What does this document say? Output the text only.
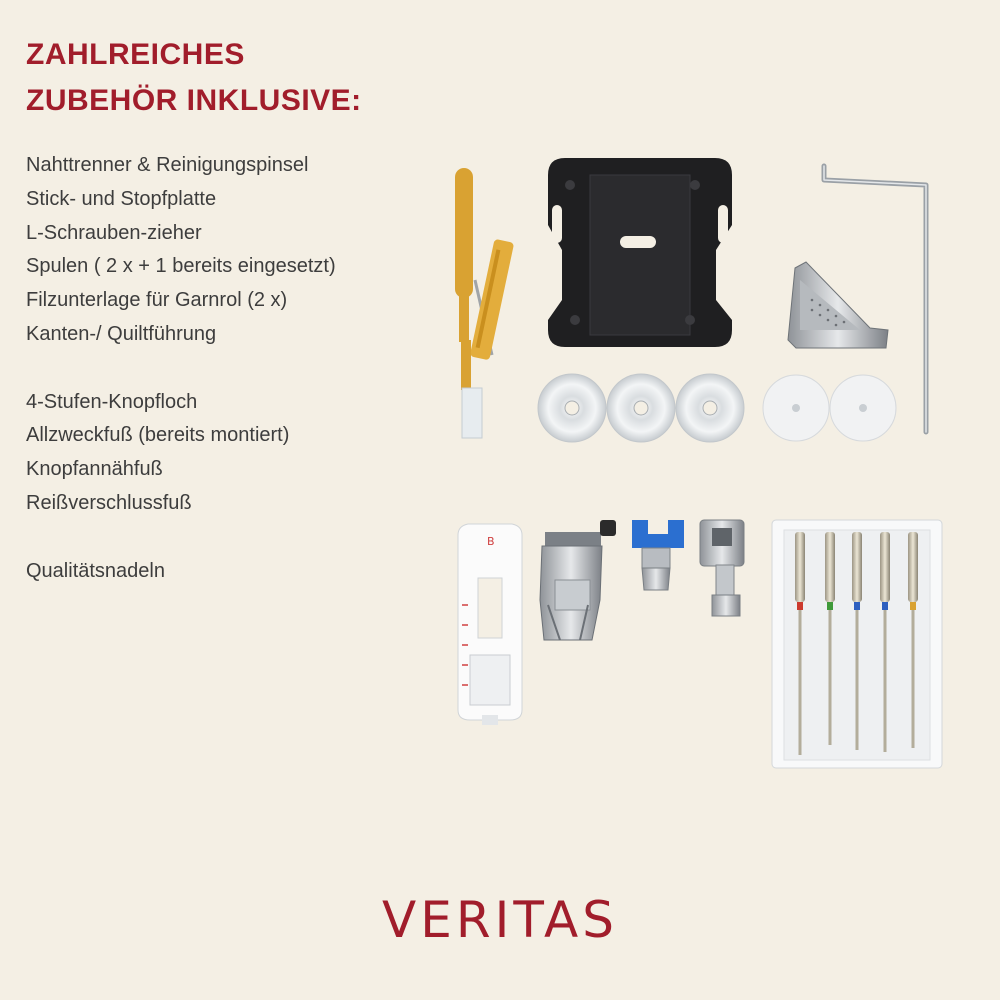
ZAHLREICHES
ZUBEHÖR INKLUSIVE:
Nahttrenner & Reinigungspinsel
Stick- und Stopfplatte
L-Schrauben-zieher
Spulen ( 2 x + 1 bereits eingesetzt)
Filzunterlage für Garnrol (2 x)
Kanten-/ Quiltführung
4-Stufen-Knopfloch
Allzweckfuß (bereits montiert)
Knopfannähfuß
Reißverschlussfuß
Qualitätsnadeln
B
VERITAS
